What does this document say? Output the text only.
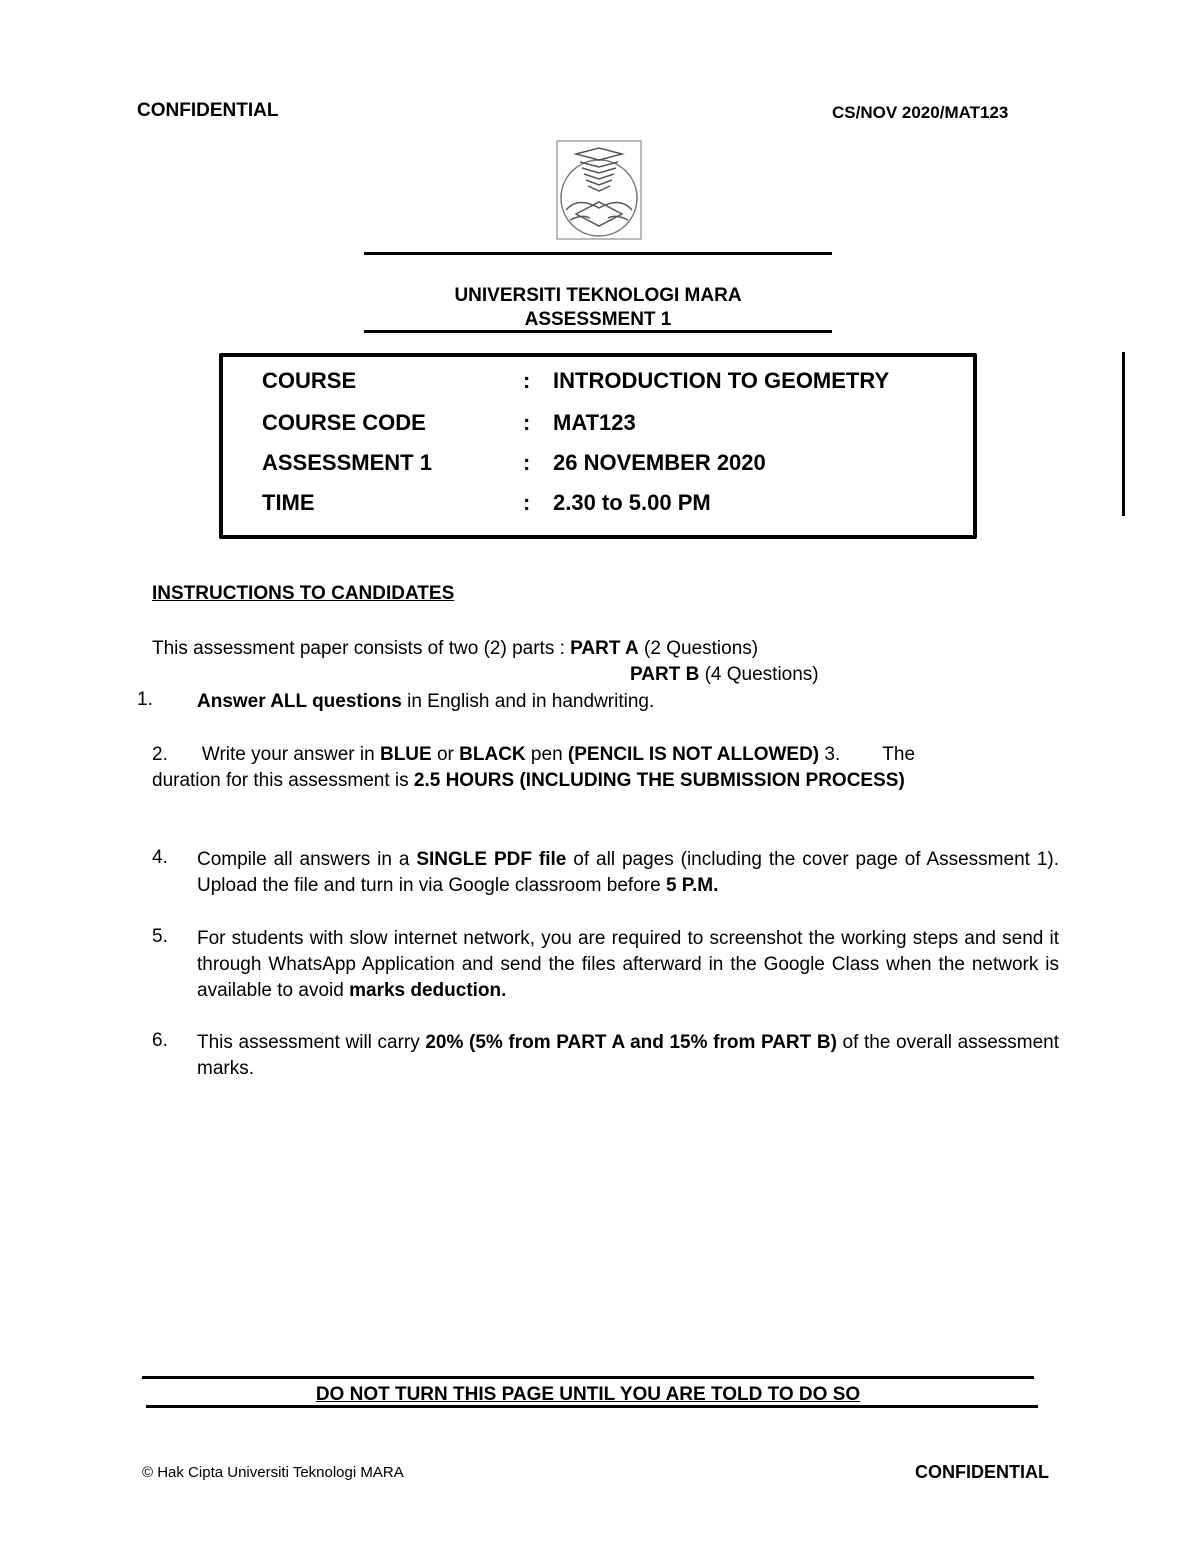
CONFIDENTIAL	CS/NOV 2020/MAT123
UNIVERSITI TEKNOLOGI MARA
ASSESSMENT 1
COURSE	: INTRODUCTION TO GEOMETRY
COURSE CODE	: MAT123
ASSESSMENT 1	: 26 NOVEMBER 2020
TIME	: 2.30 to 5.00 PM
INSTRUCTIONS TO CANDIDATES
This assessment paper consists of two (2) parts : PART A (2 Questions)
PART B (4 Questions)
1. Answer ALL questions in English and in handwriting.
2. Write your answer in BLUE or BLACK pen (PENCIL IS NOT ALLOWED) 3. The
duration for this assessment is 2.5 HOURS (INCLUDING THE SUBMISSION PROCESS)
4. Compile all answers in a SINGLE PDF file of all pages (including the cover page of Assessment 1). Upload the file and turn in via Google classroom before 5 P.M.
5. For students with slow internet network, you are required to screenshot the working steps and send it through WhatsApp Application and send the files afterward in the Google Class when the network is available to avoid marks deduction.
6. This assessment will carry 20% (5% from PART A and 15% from PART B) of the overall assessment marks.
DO NOT TURN THIS PAGE UNTIL YOU ARE TOLD TO DO SO
© Hak Cipta Universiti Teknologi MARA	CONFIDENTIAL
